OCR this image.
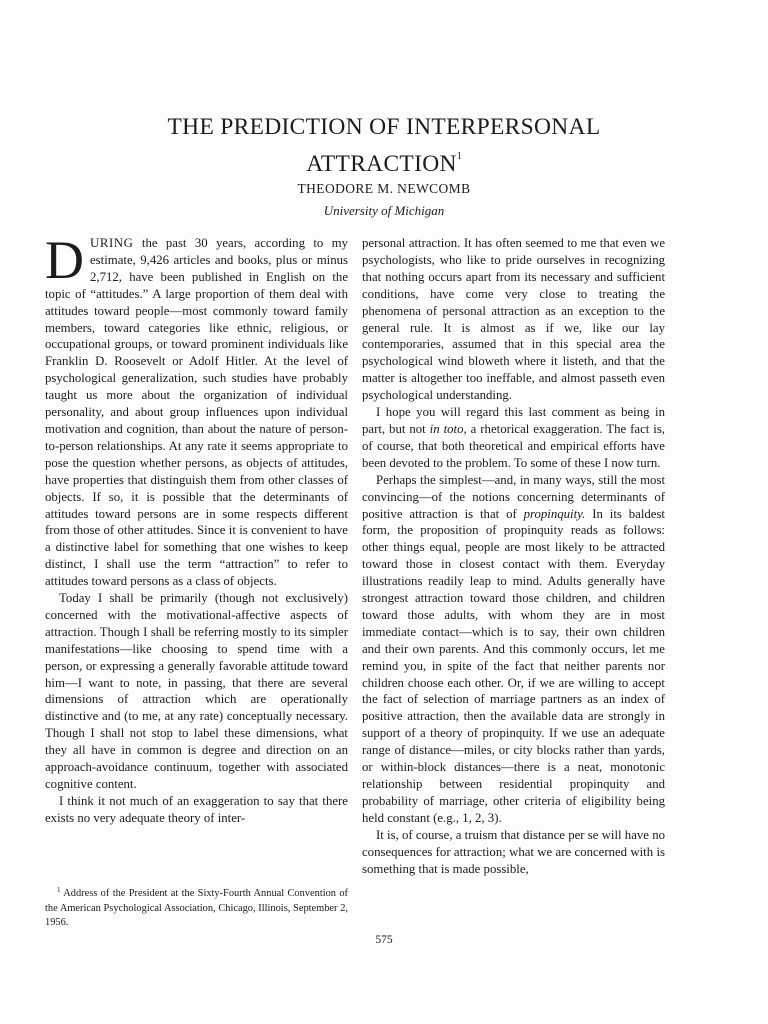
THE PREDICTION OF INTERPERSONAL
ATTRACTION$^1$
THEODORE M. NEWCOMB
University of Michigan

DURING the past 30 years, according to my estimate, 9,426 articles and books, plus or minus 2,712, have been published in English on the topic of “attitudes.” A large proportion of them deal with attitudes toward people—most commonly toward family members, toward categories like ethnic, religious, or occupational groups, or toward prominent individuals like Franklin D. Roosevelt or Adolf Hitler. At the level of psychological generalization, such studies have probably taught us more about the organization of individual personality, and about group influences upon individual motivation and cognition, than about the nature of person-to-person relationships. At any rate it seems appropriate to pose the question whether persons, as objects of attitudes, have properties that distinguish them from other classes of objects. If so, it is possible that the determinants of attitudes toward persons are in some respects different from those of other attitudes. Since it is convenient to have a distinctive label for something that one wishes to keep distinct, I shall use the term “attraction” to refer to attitudes toward persons as a class of objects.

Today I shall be primarily (though not exclusively) concerned with the motivational-affective aspects of attraction. Though I shall be referring mostly to its simpler manifestations—like choosing to spend time with a person, or expressing a generally favorable attitude toward him—I want to note, in passing, that there are several dimensions of attraction which are operationally distinctive and (to me, at any rate) conceptually necessary. Though I shall not stop to label these dimensions, what they all have in common is degree and direction on an approach-avoidance continuum, together with associated cognitive content.

I think it not much of an exaggeration to say that there exists no very adequate theory of inter-

personal attraction. It has often seemed to me that even we psychologists, who like to pride ourselves in recognizing that nothing occurs apart from its necessary and sufficient conditions, have come very close to treating the phenomena of personal attraction as an exception to the general rule. It is almost as if we, like our lay contemporaries, assumed that in this special area the psychological wind bloweth where it listeth, and that the matter is altogether too ineffable, and almost passeth even psychological understanding.

I hope you will regard this last comment as being in part, but not in toto, a rhetorical exaggeration. The fact is, of course, that both theoretical and empirical efforts have been devoted to the problem. To some of these I now turn.

Perhaps the simplest—and, in many ways, still the most convincing—of the notions concerning determinants of positive attraction is that of propinquity. In its baldest form, the proposition of propinquity reads as follows: other things equal, people are most likely to be attracted toward those in closest contact with them. Everyday illustrations readily leap to mind. Adults generally have strongest attraction toward those children, and children toward those adults, with whom they are in most immediate contact—which is to say, their own children and their own parents. And this commonly occurs, let me remind you, in spite of the fact that neither parents nor children choose each other. Or, if we are willing to accept the fact of selection of marriage partners as an index of positive attraction, then the available data are strongly in support of a theory of propinquity. If we use an adequate range of distance—miles, or city blocks rather than yards, or within-block distances—there is a neat, monotonic relationship between residential propinquity and probability of marriage, other criteria of eligibility being held constant (e.g., 1, 2, 3).

It is, of course, a truism that distance per se will have no consequences for attraction; what we are concerned with is something that is made possible,

$^1$ Address of the President at the Sixty-Fourth Annual Convention of the American Psychological Association, Chicago, Illinois, September 2, 1956.

575
